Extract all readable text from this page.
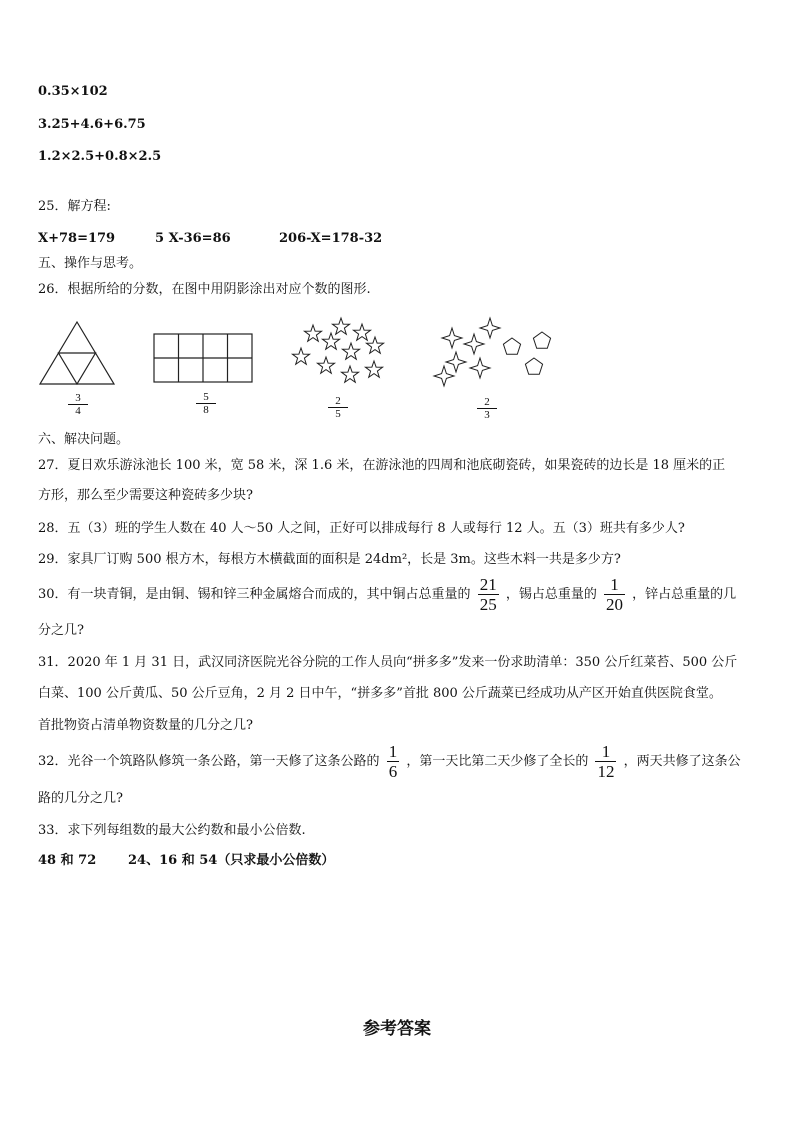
0.35×102
3.25+4.6+6.75
1.2×2.5+0.8×2.5
25．解方程:
X+78=179	5 X-36=86	206-X=178-32
五、操作与思考。
26．根据所给的分数，在图中用阴影涂出对应个数的图形.
3
4
5
8
2
5
2
3
六、解决问题。
27．夏日欢乐游泳池长 100 米，宽 58 米，深 1.6 米，在游泳池的四周和池底砌瓷砖，如果瓷砖的边长是 18 厘米的正
方形，那么至少需要这种瓷砖多少块?
28．五（3）班的学生人数在 40 人～50 人之间，正好可以排成每行 8 人或每行 12 人。五（3）班共有多少人?
29．家具厂订购 500 根方木，每根方木横截面的面积是 24dm²，长是 3m。这些木料一共是多少方?
30．有一块青铜，是由铜、锡和锌三种金属熔合而成的，其中铜占总重量的 $\frac{21}{25}$ ，锡占总重量的 $\frac{1}{20}$ ，锌占总重量的几
分之几?
31．2020 年 1 月 31 日，武汉同济医院光谷分院的工作人员向“拼多多”发来一份求助清单：350 公斤红菜苔、500 公斤
白菜、100 公斤黄瓜、50 公斤豆角，2 月 2 日中午，“拼多多”首批 800 公斤蔬菜已经成功从产区开始直供医院食堂。
首批物资占清单物资数量的几分之几?
32．光谷一个筑路队修筑一条公路，第一天修了这条公路的 $\frac{1}{6}$ ，第一天比第二天少修了全长的 $\frac{1}{12}$ ，两天共修了这条公
路的几分之几?
33．求下列每组数的最大公约数和最小公倍数.
48 和 72 24、16 和 54（只求最小公倍数）
参考答案
